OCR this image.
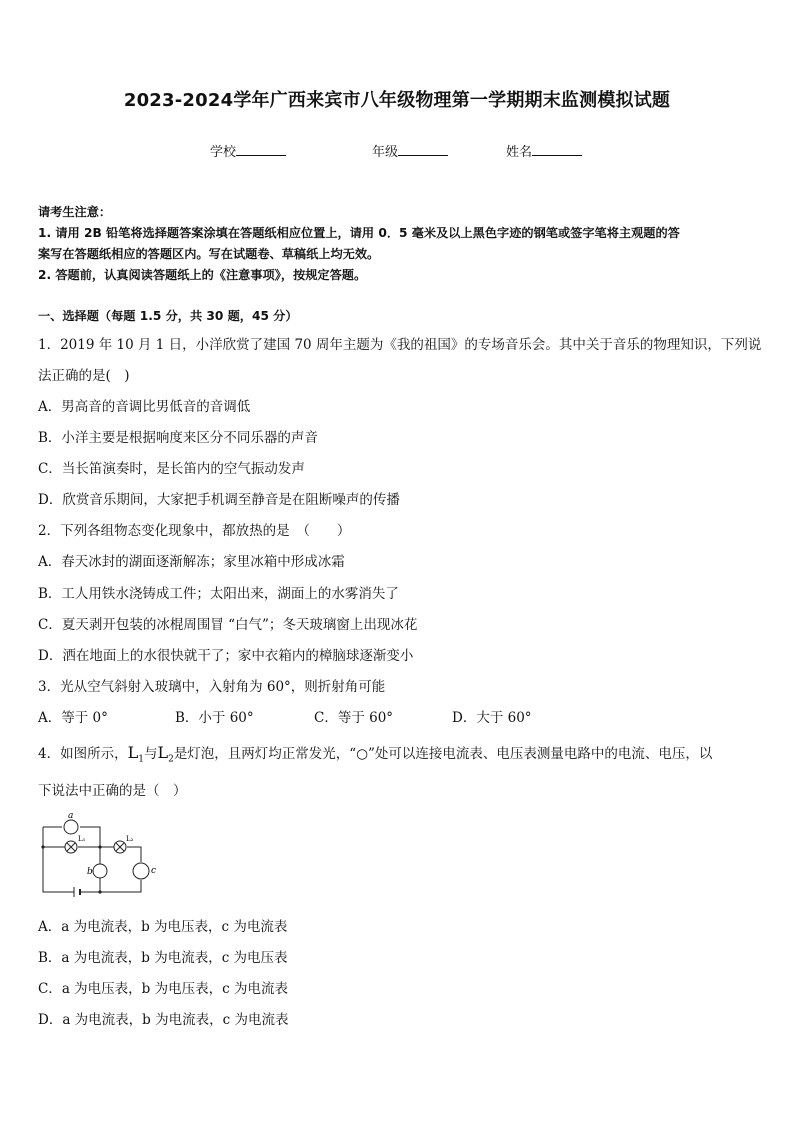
2023-2024学年广西来宾市八年级物理第一学期期末监测模拟试题
学校	年级	姓名
请考生注意：
1. 请用 2B 铅笔将选择题答案涂填在答题纸相应位置上，请用 0．5 毫米及以上黑色字迹的钢笔或签字笔将主观题的答
案写在答题纸相应的答题区内。写在试题卷、草稿纸上均无效。
2. 答题前，认真阅读答题纸上的《注意事项》，按规定答题。
一、选择题（每题 1.5 分，共 30 题，45 分）
1．2019 年 10 月 1 日，小洋欣赏了建国 70 周年主题为《我的祖国》的专场音乐会。其中关于音乐的物理知识，下列说
法正确的是(　)
A．男高音的音调比男低音的音调低
B．小洋主要是根据响度来区分不同乐器的声音
C．当长笛演奏时，是长笛内的空气振动发声
D．欣赏音乐期间，大家把手机调至静音是在阻断噪声的传播
2．下列各组物态变化现象中，都放热的是　（　　）
A．春天冰封的湖面逐渐解冻；家里冰箱中形成冰霜
B．工人用铁水浇铸成工件；太阳出来，湖面上的水雾消失了
C．夏天剥开包装的冰棍周围冒 “白气”；冬天玻璃窗上出现冰花
D．洒在地面上的水很快就干了；家中衣箱内的樟脑球逐渐变小
3．光从空气斜射入玻璃中，入射角为 60°，则折射角可能
A．等于 0°	B．小于 60°	C．等于 60°	D．大于 60°
4．如图所示，$L_1$与$L_2$是灯泡，且两灯均正常发光，“○”处可以连接电流表、电压表测量电路中的电流、电压，以
下说法中正确的是（　）
a
L₁	L₂
b	c
A．a 为电流表，b 为电压表，c 为电流表
B．a 为电流表，b 为电流表，c 为电压表
C．a 为电压表，b 为电压表，c 为电流表
D．a 为电流表，b 为电流表，c 为电流表
